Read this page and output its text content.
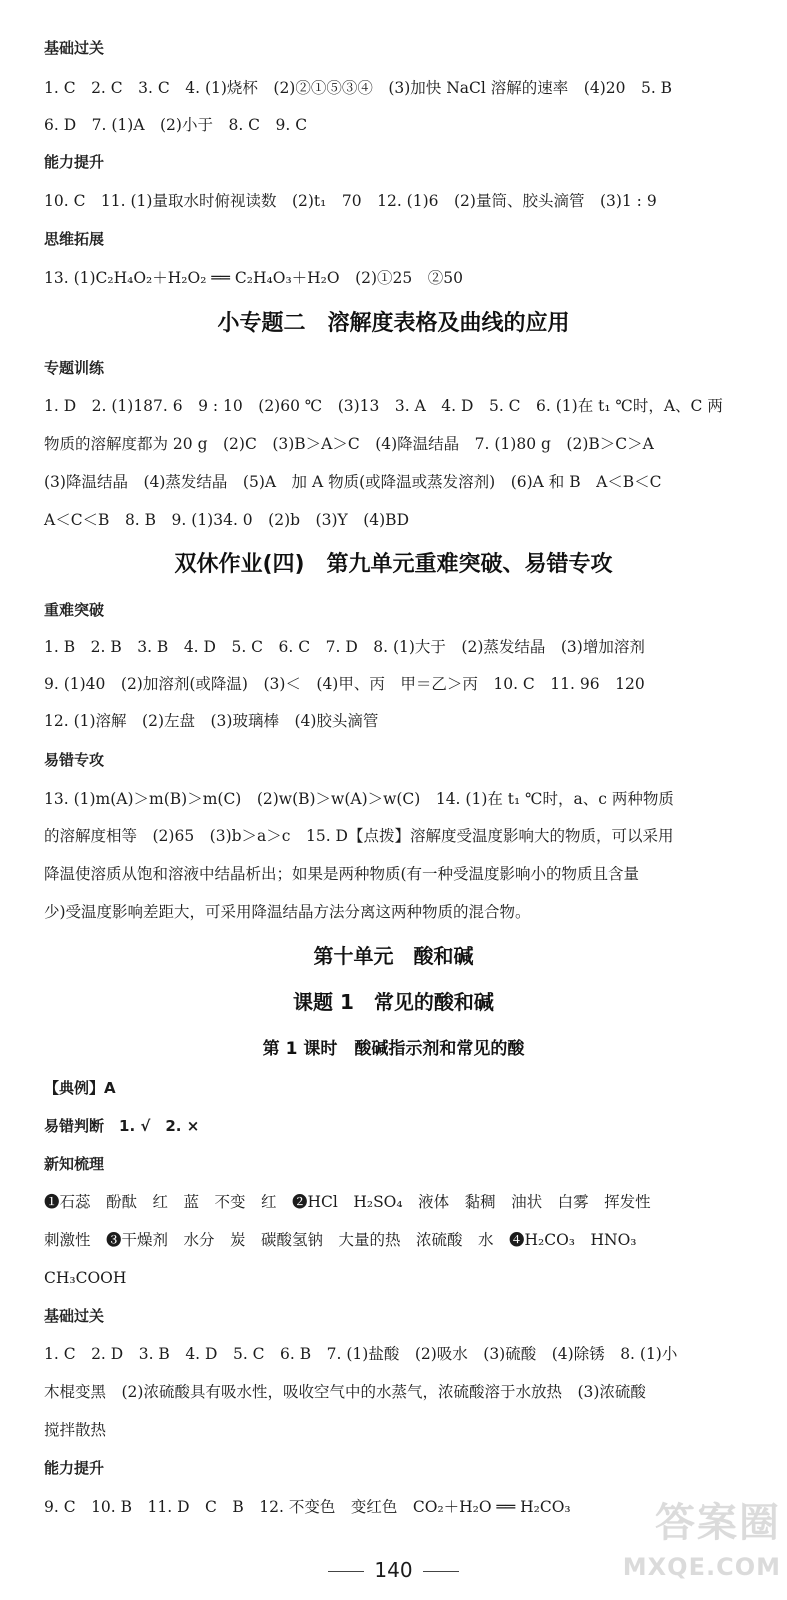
基础过关
1. C　2. C　3. C　4. (1)烧杯　(2)②①⑤③④　(3)加快 NaCl 溶解的速率　(4)20　5. B
6. D　7. (1)A　(2)小于　8. C　9. C
能力提升
10. C　11. (1)量取水时俯视读数　(2)t₁　70　12. (1)6　(2)量筒、胶头滴管　(3)1 : 9
思维拓展
13. (1)C₂H₄O₂＋H₂O₂ ══ C₂H₄O₃＋H₂O　(2)①25　②50
小专题二　溶解度表格及曲线的应用
专题训练
1. D　2. (1)187. 6　9 : 10　(2)60 ℃　(3)13　3. A　4. D　5. C　6. (1)在 t₁ ℃时，A、C 两
物质的溶解度都为 20 g　(2)C　(3)B＞A＞C　(4)降温结晶　7. (1)80 g　(2)B＞C＞A
(3)降温结晶　(4)蒸发结晶　(5)A　加 A 物质(或降温或蒸发溶剂)　(6)A 和 B　A＜B＜C
A＜C＜B　8. B　9. (1)34. 0　(2)b　(3)Y　(4)BD
双休作业(四)　第九单元重难突破、易错专攻
重难突破
1. B　2. B　3. B　4. D　5. C　6. C　7. D　8. (1)大于　(2)蒸发结晶　(3)增加溶剂
9. (1)40　(2)加溶剂(或降温)　(3)＜　(4)甲、丙　甲＝乙＞丙　10. C　11. 96　120
12. (1)溶解　(2)左盘　(3)玻璃棒　(4)胶头滴管
易错专攻
13. (1)m(A)＞m(B)＞m(C)　(2)w(B)＞w(A)＞w(C)　14. (1)在 t₁ ℃时，a、c 两种物质
的溶解度相等　(2)65　(3)b＞a＞c　15. D【点拨】溶解度受温度影响大的物质，可以采用
降温使溶质从饱和溶液中结晶析出；如果是两种物质(有一种受温度影响小的物质且含量
少)受温度影响差距大，可采用降温结晶方法分离这两种物质的混合物。
第十单元　酸和碱
课题 1　常见的酸和碱
第 1 课时　酸碱指示剂和常见的酸
【典例】A
易错判断　1. √　2. ×
新知梳理
❶石蕊　酚酞　红　蓝　不变　红　❷HCl　H₂SO₄　液体　黏稠　油状　白雾　挥发性
刺激性　❸干燥剂　水分　炭　碳酸氢钠　大量的热　浓硫酸　水　❹H₂CO₃　HNO₃
CH₃COOH
基础过关
1. C　2. D　3. B　4. D　5. C　6. B　7. (1)盐酸　(2)吸水　(3)硫酸　(4)除锈　8. (1)小
木棍变黑　(2)浓硫酸具有吸水性，吸收空气中的水蒸气，浓硫酸溶于水放热　(3)浓硫酸
搅拌散热
能力提升
9. C　10. B　11. D　C　B　12. 不变色　变红色　CO₂＋H₂O ══ H₂CO₃
140
答案圈
MXQE.COM
